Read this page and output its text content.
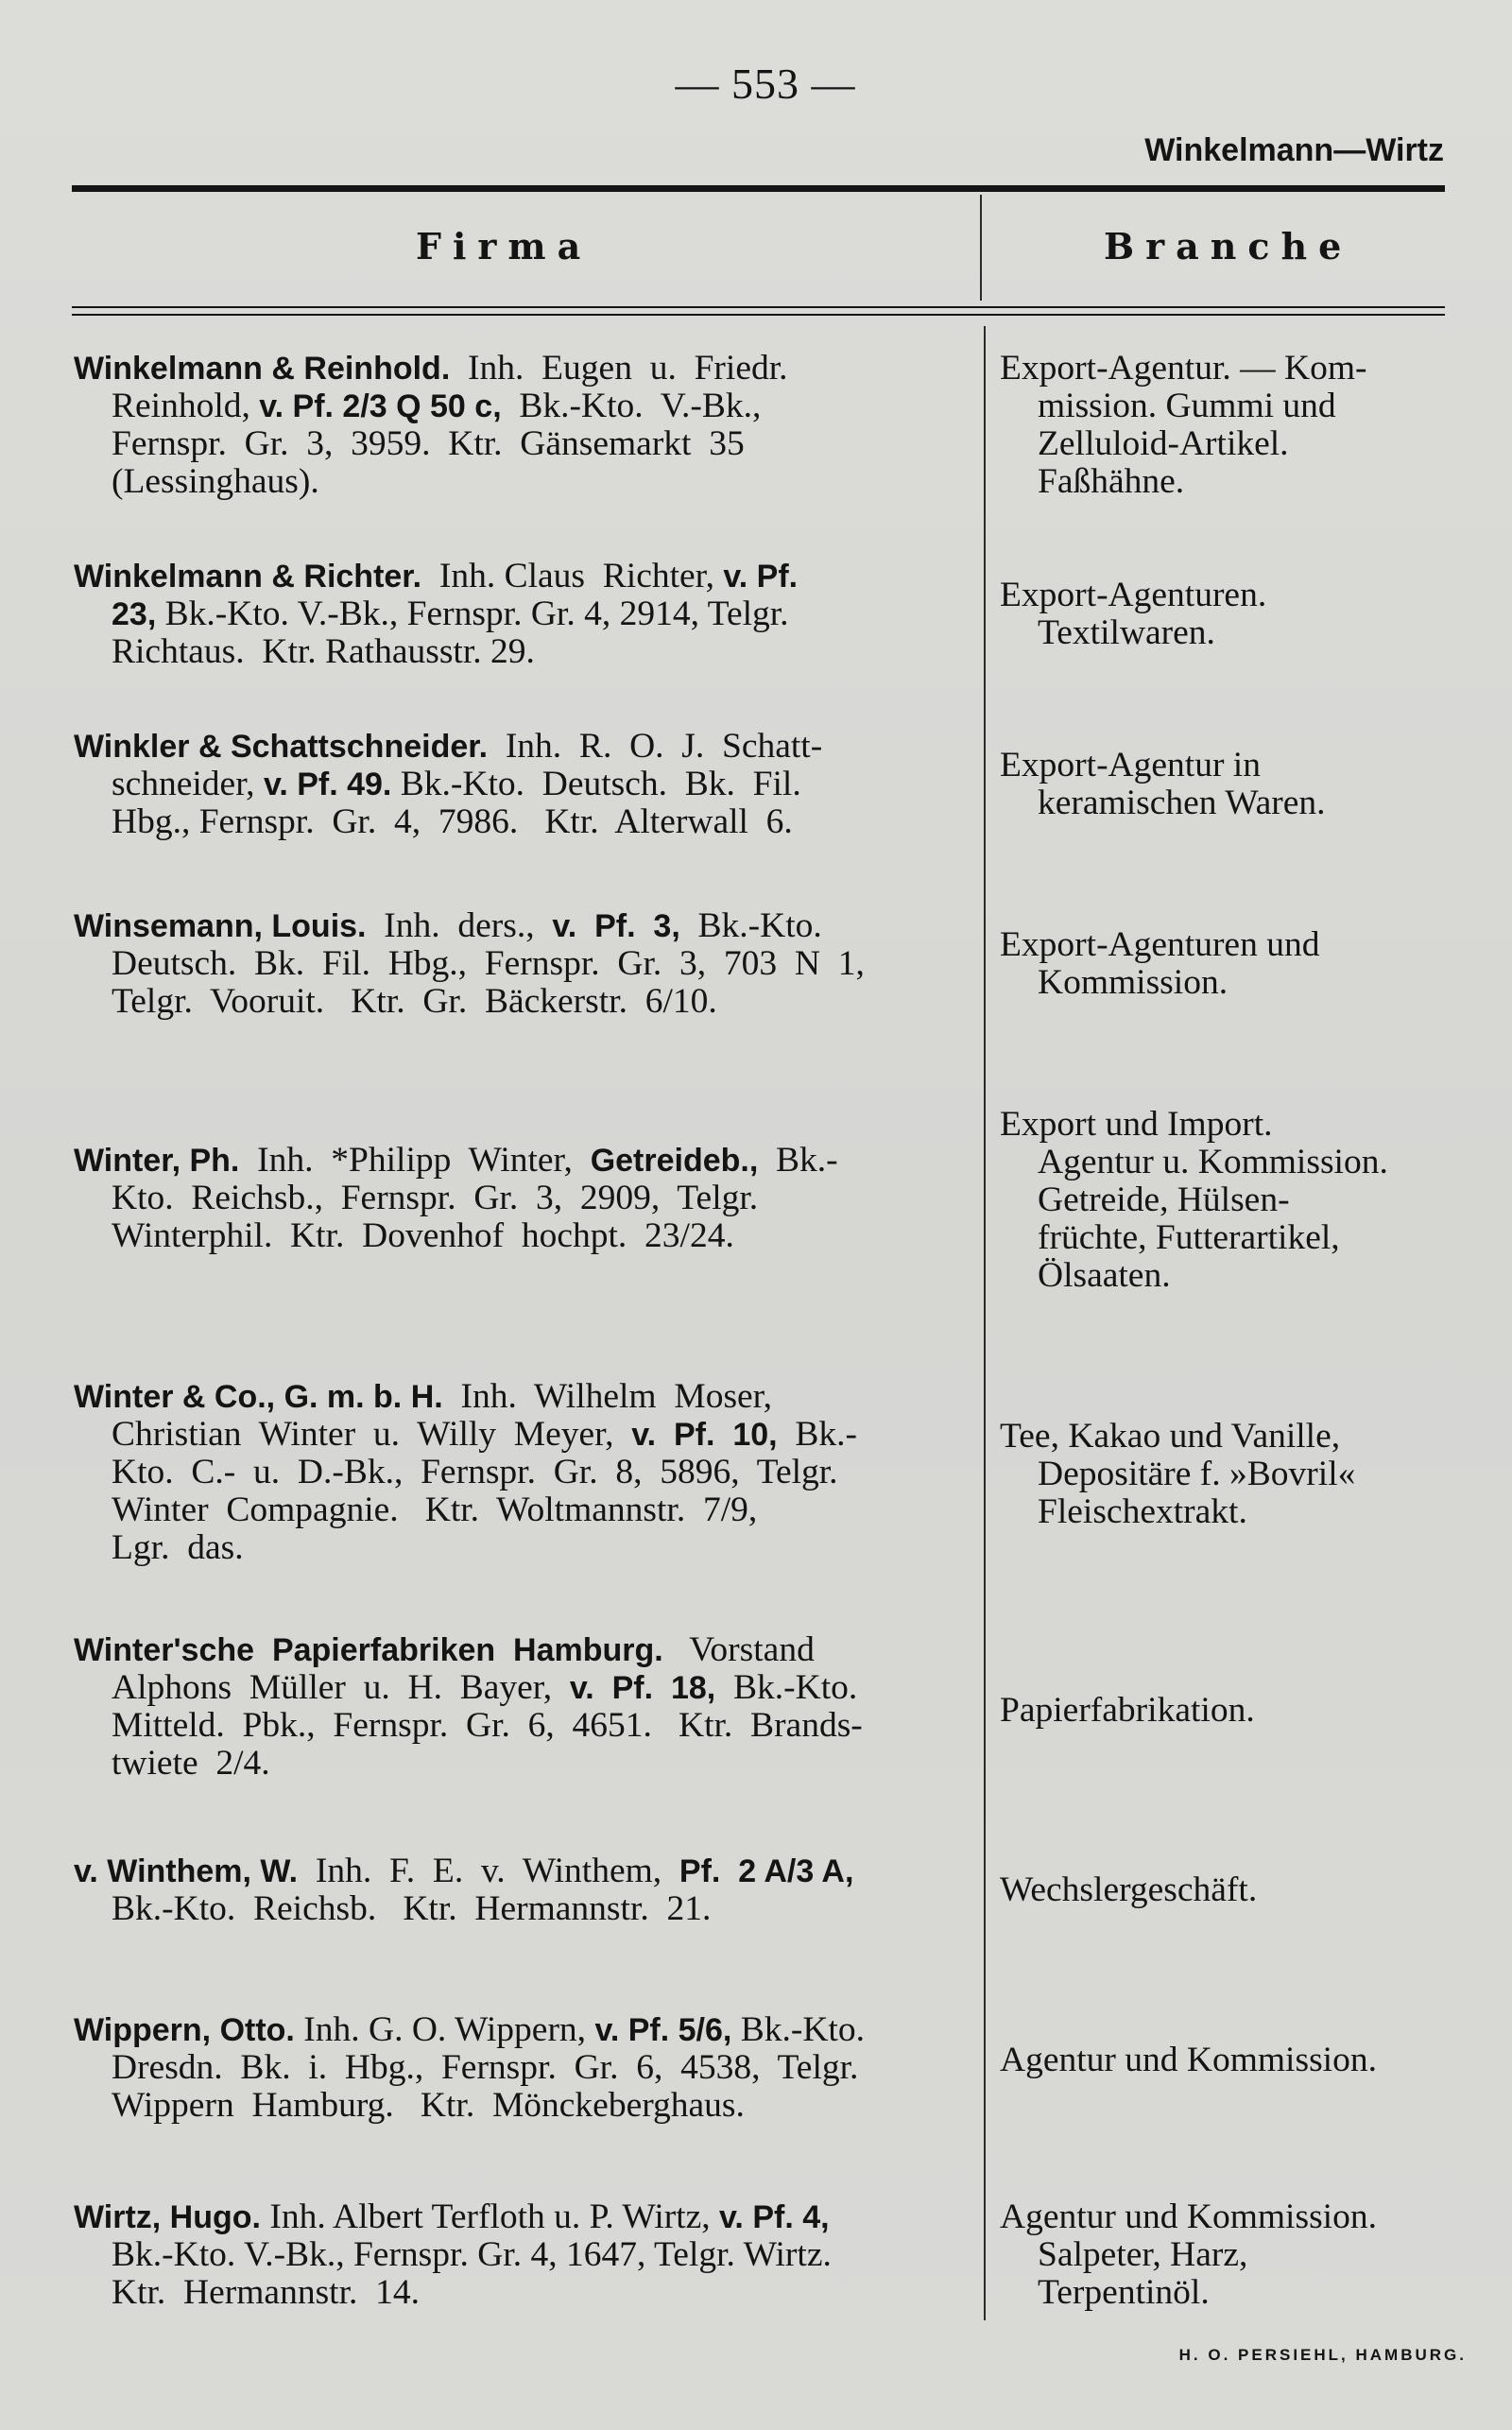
— 553 —
Winkelmann—Wirtz
Firma	Branche
Winkelmann & Reinhold.  Inh.  Eugen  u.  Friedr.
Reinhold, v. Pf. 2/3 Q 50 c,  Bk.-Kto.  V.-Bk.,
Fernspr.  Gr.  3,  3959.  Ktr.  Gänsemarkt  35
(Lessinghaus).
Export-Agentur. — Kom-
mission. Gummi und
Zelluloid-Artikel.
Faßhähne.
Winkelmann & Richter.  Inh. Claus  Richter, v. Pf.
23, Bk.-Kto. V.-Bk., Fernspr. Gr. 4, 2914, Telgr.
Richtaus.  Ktr. Rathausstr. 29.
Export-Agenturen.
Textilwaren.
Winkler & Schattschneider.  Inh.  R.  O.  J.  Schatt-
schneider, v. Pf. 49. Bk.-Kto.  Deutsch.  Bk.  Fil.
Hbg., Fernspr.  Gr.  4,  7986.   Ktr.  Alterwall  6.
Export-Agentur in
keramischen Waren.
Winsemann, Louis.  Inh.  ders.,  v.  Pf.  3,  Bk.-Kto.
Deutsch.  Bk.  Fil.  Hbg.,  Fernspr.  Gr.  3,  703  N  1,
Telgr.  Vooruit.   Ktr.  Gr.  Bäckerstr.  6/10.
Export-Agenturen und
Kommission.
Winter, Ph.  Inh.  *Philipp  Winter,  Getreideb.,  Bk.-
Kto.  Reichsb.,  Fernspr.  Gr.  3,  2909,  Telgr.
Winterphil.  Ktr.  Dovenhof  hochpt.  23/24.
Export und Import.
Agentur u. Kommission.
Getreide, Hülsen-
früchte, Futterartikel,
Ölsaaten.
Winter & Co., G. m. b. H.  Inh.  Wilhelm  Moser,
Christian  Winter  u.  Willy  Meyer,  v.  Pf.  10,  Bk.-
Kto.  C.-  u.  D.-Bk.,  Fernspr.  Gr.  8,  5896,  Telgr.
Winter  Compagnie.   Ktr.  Woltmannstr.  7/9,
Lgr.  das.
Tee, Kakao und Vanille,
Depositäre f. »Bovril«
Fleischextrakt.
Winter'sche  Papierfabriken  Hamburg.   Vorstand
Alphons  Müller  u.  H.  Bayer,  v.  Pf.  18,  Bk.-Kto.
Mitteld.  Pbk.,  Fernspr.  Gr.  6,  4651.   Ktr.  Brands-
twiete  2/4.
Papierfabrikation.
v. Winthem, W.  Inh.  F.  E.  v.  Winthem,  Pf.  2 A/3 A,
Bk.-Kto.  Reichsb.   Ktr.  Hermannstr.  21.	Wechslergeschäft.
Wippern, Otto. Inh. G. O. Wippern, v. Pf. 5/6, Bk.-Kto.
Dresdn.  Bk.  i.  Hbg.,  Fernspr.  Gr.  6,  4538,  Telgr.
Wippern  Hamburg.   Ktr.  Mönckeberghaus.
Agentur und Kommission.
Wirtz, Hugo. Inh. Albert Terfloth u. P. Wirtz, v. Pf. 4,
Bk.-Kto. V.-Bk., Fernspr. Gr. 4, 1647, Telgr. Wirtz.
Ktr.  Hermannstr.  14.
Agentur und Kommission.
Salpeter, Harz,
Terpentinöl.
H. O. PERSIEHL, HAMBURG.
